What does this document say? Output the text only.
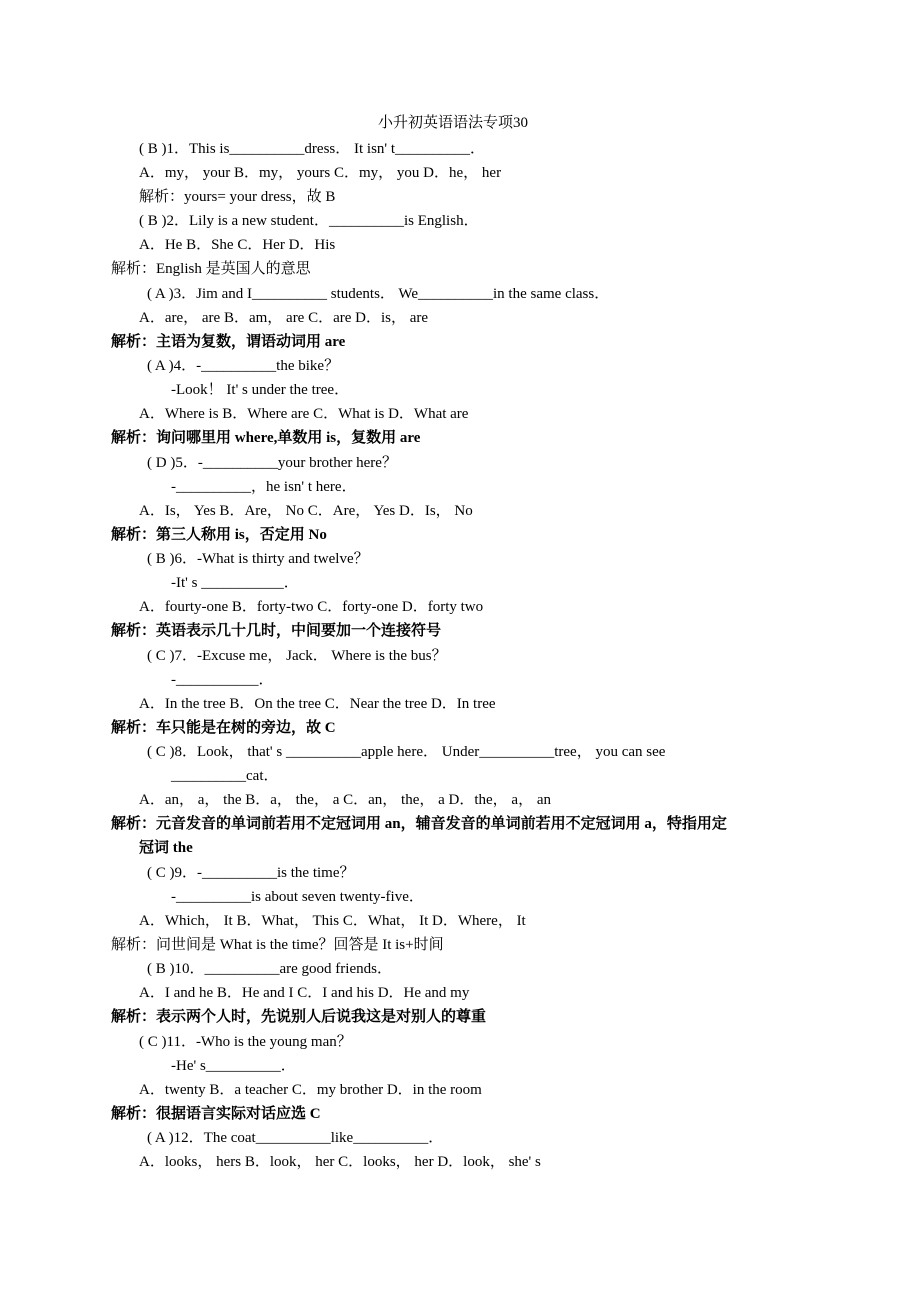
小升初英语语法专项30
( B )1．This is__________dress． It isn' t__________．
A．my， your B．my， yours C．my， you D．he， her
解析：yours= your dress，故 B
( B )2．Lily is a new student．__________is English．
A．He B．She C．Her D．His
解析：English 是英国人的意思
( A )3．Jim and I__________ students． We__________in the same class．
A．are， are B．am， are C．are D．is， are
解析：主语为复数，谓语动词用 are
( A )4．-__________the bike？
-Look！ It' s under the tree．
A．Where is B．Where are C．What is D．What are
解析：询问哪里用 where,单数用 is，复数用 are
( D )5．-__________your brother here？
-__________，he isn' t here．
A．Is， Yes B．Are， No C．Are， Yes D．Is， No
解析：第三人称用 is，否定用 No
( B )6．-What is thirty and twelve？
-It' s ___________．
A．fourty-one B．forty-two C．forty-one D．forty two
解析：英语表示几十几时，中间要加一个连接符号
( C )7．-Excuse me， Jack． Where is the bus？
-___________．
A．In the tree B．On the tree C．Near the tree D．In tree
解析：车只能是在树的旁边，故 C
( C )8．Look， that' s __________apple here． Under__________tree， you can see
__________cat．
A．an， a， the B．a， the， a C．an， the， a D．the， a， an
解析：元音发音的单词前若用不定冠词用 an，辅音发音的单词前若用不定冠词用 a，特指用定
冠词 the
( C )9．-__________is the time？
-__________is about seven twenty-five．
A．Which， It B．What， This C．What， It D．Where， It
解析：问世间是 What is the time？回答是 It is+时间
( B )10．__________are good friends．
A．I and he B．He and I C．I and his D．He and my
解析：表示两个人时，先说别人后说我这是对别人的尊重
( C )11．-Who is the young man？
-He' s__________．
A．twenty B．a teacher C．my brother D．in the room
解析：很据语言实际对话应选 C
( A )12．The coat__________like__________．
A．looks， hers B．look， her C．looks， her D．look， she' s
